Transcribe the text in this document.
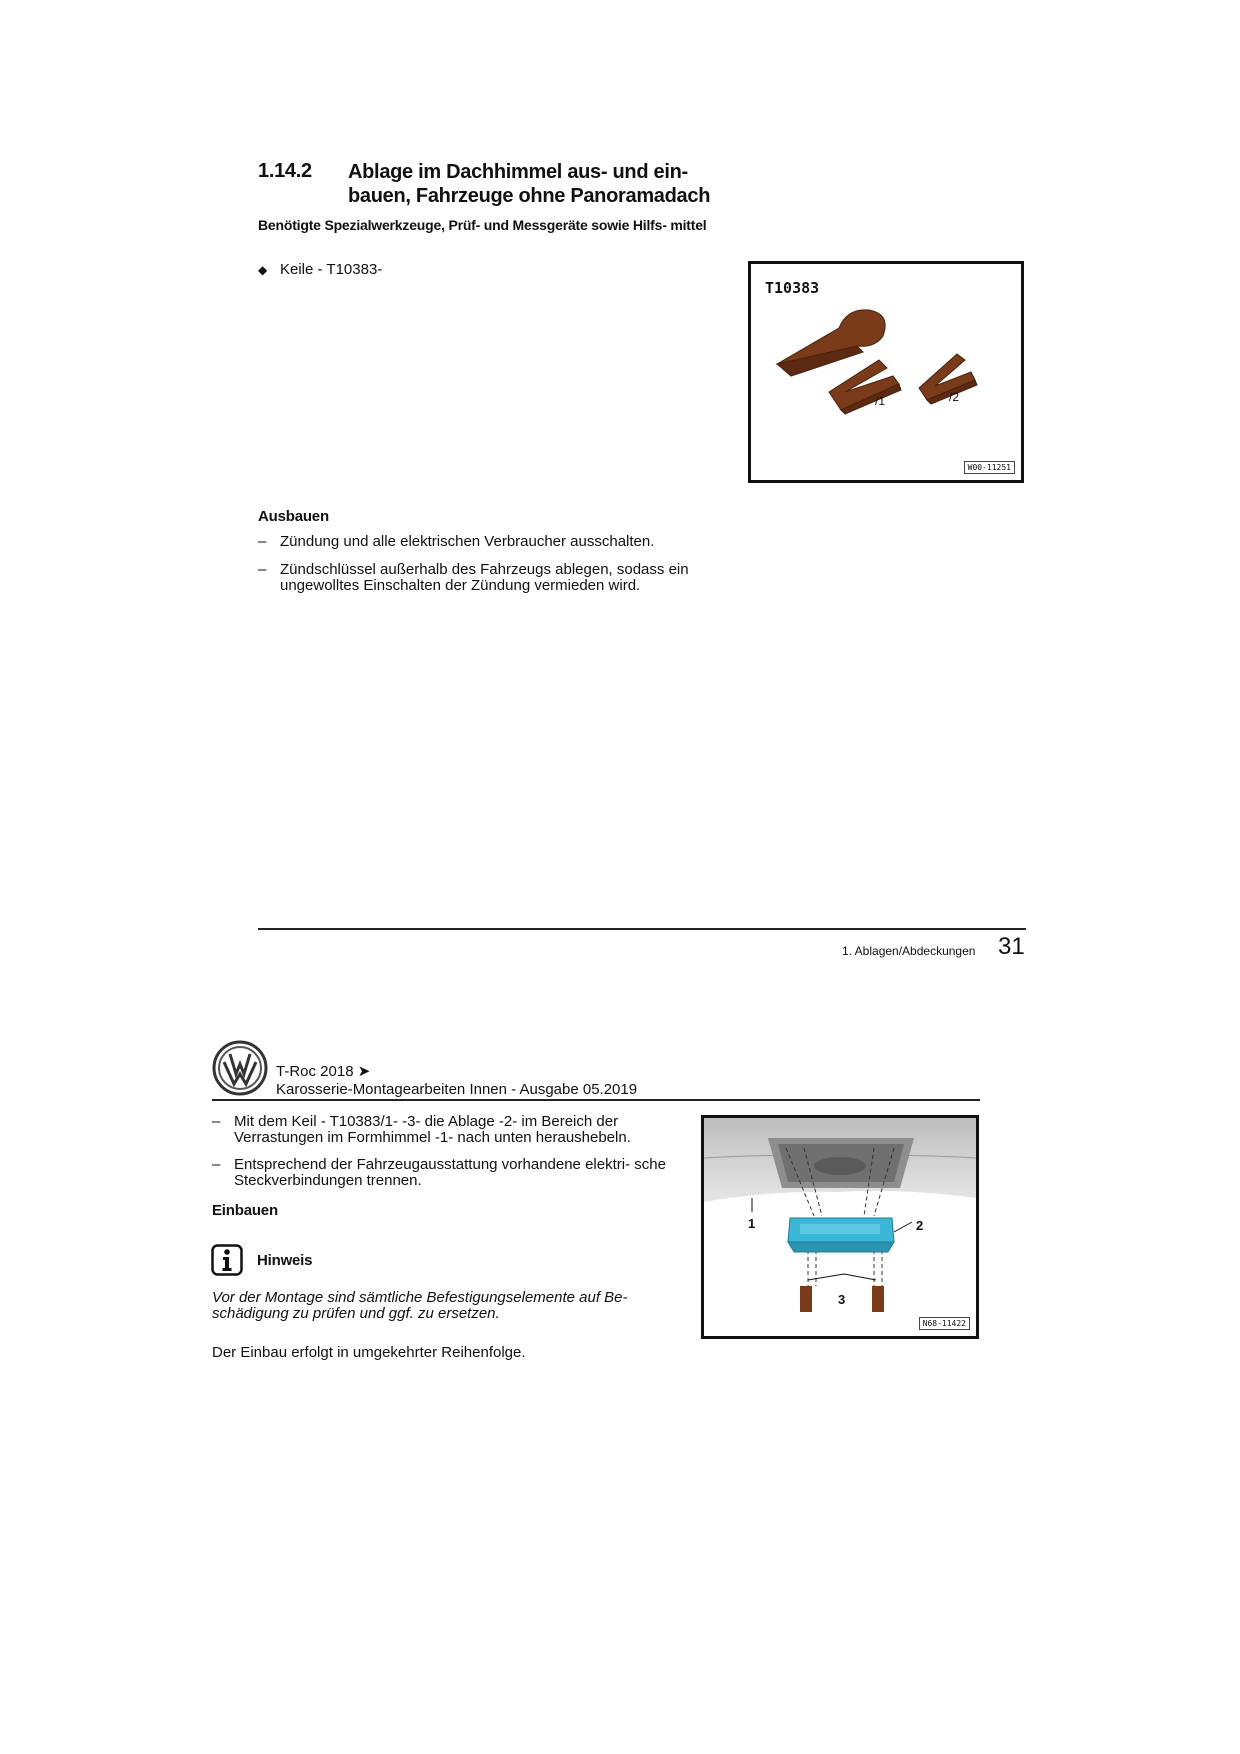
1.14.2 Ablage im Dachhimmel aus- und ein- bauen, Fahrzeuge ohne Panoramadach
Benötigte Spezialwerkzeuge, Prüf- und Messgeräte sowie Hilfs- mittel
◆ Keile - T10383-
T10383
/1	/2
W00-11251
Ausbauen
– Zündung und alle elektrischen Verbraucher ausschalten.
– Zündschlüssel außerhalb des Fahrzeugs ablegen, sodass ein ungewolltes Einschalten der Zündung vermieden wird.
1. Ablagen/Abdeckungen 31
T-Roc 2018 ➤
Karosserie-Montagearbeiten Innen - Ausgabe 05.2019
– Mit dem Keil - T10383/1- -3- die Ablage -2- im Bereich der Verrastungen im Formhimmel -1- nach unten heraushebeln.
– Entsprechend der Fahrzeugausstattung vorhandene elektri- sche Steckverbindungen trennen.
Einbauen
Hinweis
Vor der Montage sind sämtliche Befestigungselemente auf Be- schädigung zu prüfen und ggf. zu ersetzen.
Der Einbau erfolgt in umgekehrter Reihenfolge.
1	2
3
N68-11422
